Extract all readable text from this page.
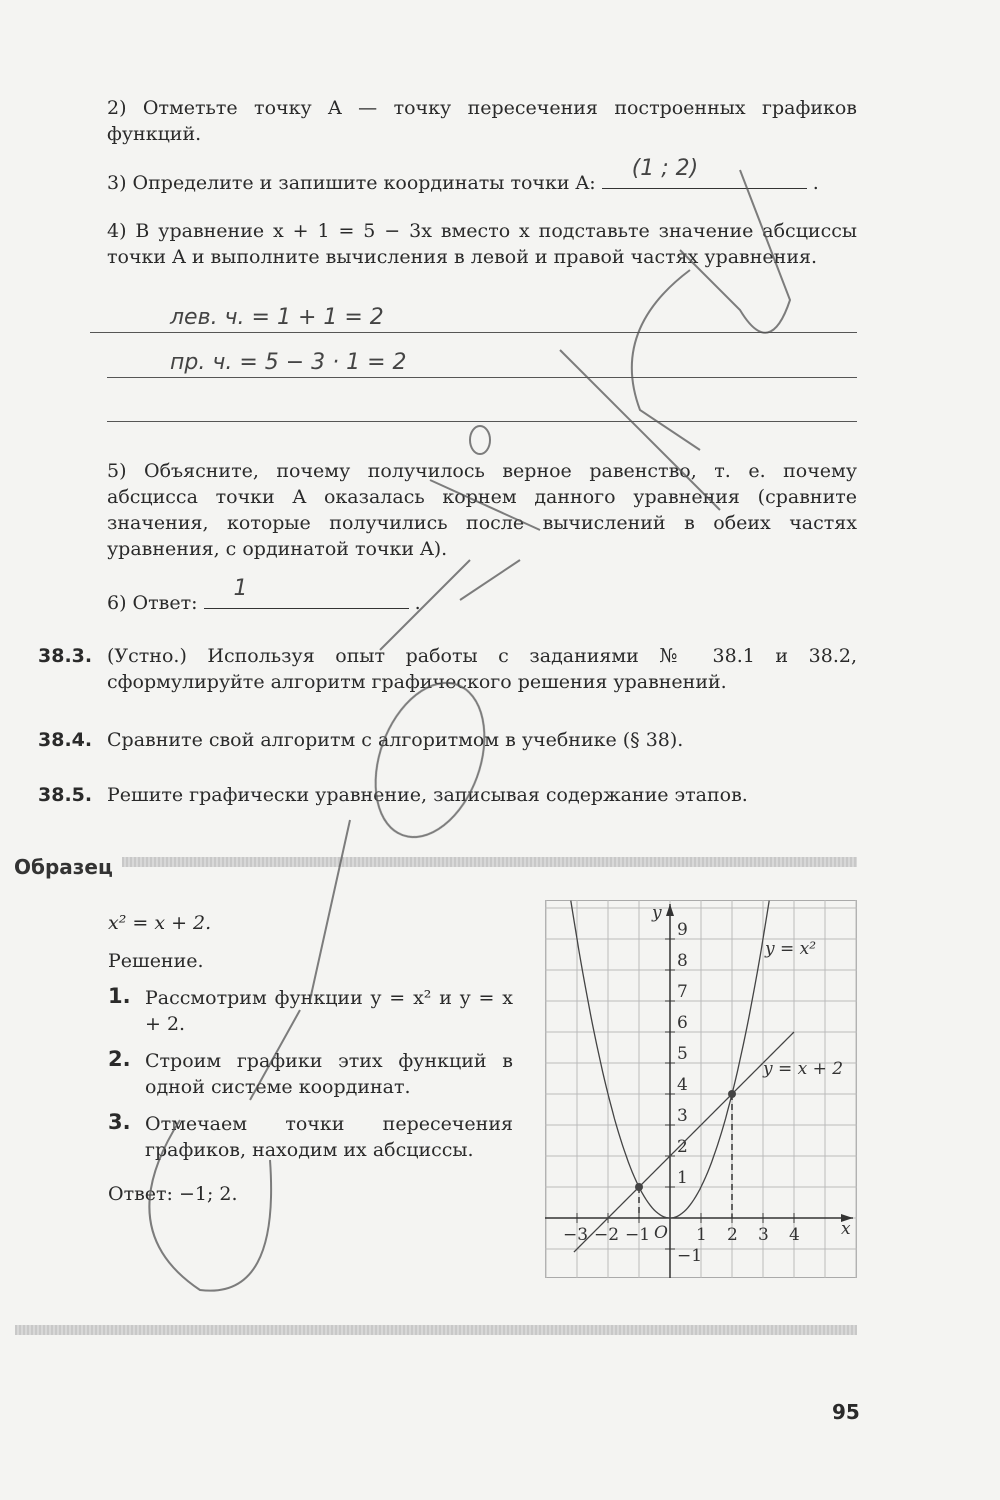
2) Отметьте точку A — точку пересечения построенных графиков функций.
3) Определите и запишите координаты точки A:
(1 ; 2)
.
4) В уравнение x + 1 = 5 − 3x вместо x подставьте значение абсциссы точки A и выполните вычисления в левой и правой частях уравнения.
лев. ч. = 1 + 1 = 2
пр. ч. = 5 − 3 · 1 = 2
5) Объясните, почему получилось верное равенство, т. е. почему абсцисса точки A оказалась корнем данного уравнения (сравните значения, которые получились после вычислений в обеих частях уравнения, с ординатой точки A).
6) Ответ:
1
.
38.3. (Устно.) Используя опыт работы с заданиями № 38.1 и 38.2, сформулируйте алгоритм графического решения уравнений.
38.4. Сравните свой алгоритм с алгоритмом в учебнике (§ 38).
38.5. Решите графически уравнение, записывая содержание этапов.
Образец
x² = x + 2.
Решение.
1. Рассмотрим функции y = x² и y = x + 2.
2. Строим графики этих функций в одной системе координат.
3. Отмечаем точки пересечения графиков, находим их абсциссы.
Ответ: −1; 2.
−3 −2 −1	1 2 3 4
−1
1
2
3
4
5
6
7
8
9
x
y
O
y = x²
y = x + 2
95
